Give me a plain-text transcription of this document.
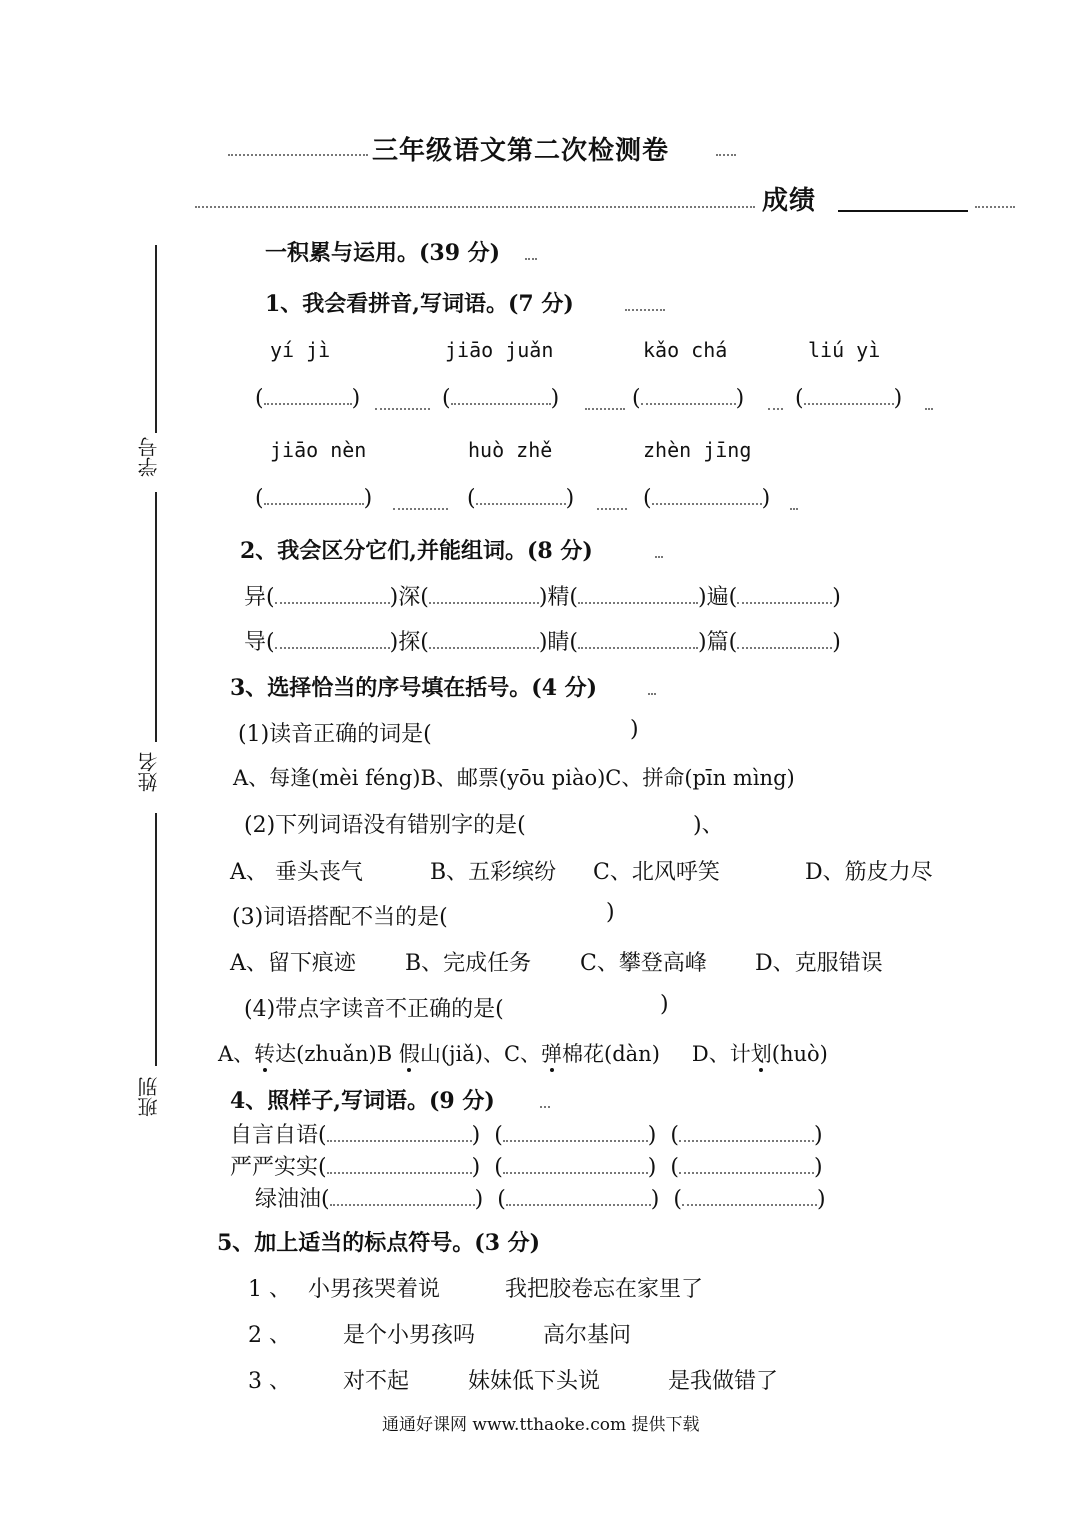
三年级语文第二次检测卷
成绩
学号
姓名
班别
一积累与运用。(39 分)
1、我会看拼音,写词语。(7 分)
yí jì	jiāo juǎn	kǎo chá	liú yì
(	)	(	)	(	) (	)
jiāo nèn	huò zhě	zhèn jīng
(	)	(	)	(	)
2、我会区分它们,并能组词。(8 分)
异(	)深(	)精(	)遍(	)
导(	)探(	)睛(	)篇(	)
3、选择恰当的序号填在括号。(4 分)
(1)读音正确的词是(	)
A、每逢(mèi féng)B、邮票(yōu piào)C、拼命(pīn mìng)
(2)下列词语没有错别字的是(	)、
A、 垂头丧气	B、五彩缤纷 C、北风呼笑	D、筋皮力尽
(3)词语搭配不当的是(	)
A、留下痕迹 B、完成任务 C、攀登高峰 D、克服错误
(4)带点字读音不正确的是(	)
A、转达(zhuǎn)B 假山(jiǎ)、C、弹棉花(dàn) D、计划(huò)
4、照样子,写词语。(9 分)
自言自语(	) (	) (	)
严严实实(	) (	) (	)
绿油油(	) (	) (	)
5、加上适当的标点符号。(3 分)
1 、 小男孩哭着说	我把胶卷忘在家里了
2 、 是个小男孩吗	高尔基问
3 、 对不起	妹妹低下头说	是我做错了
通通好课网 www.tthaoke.com 提供下载
